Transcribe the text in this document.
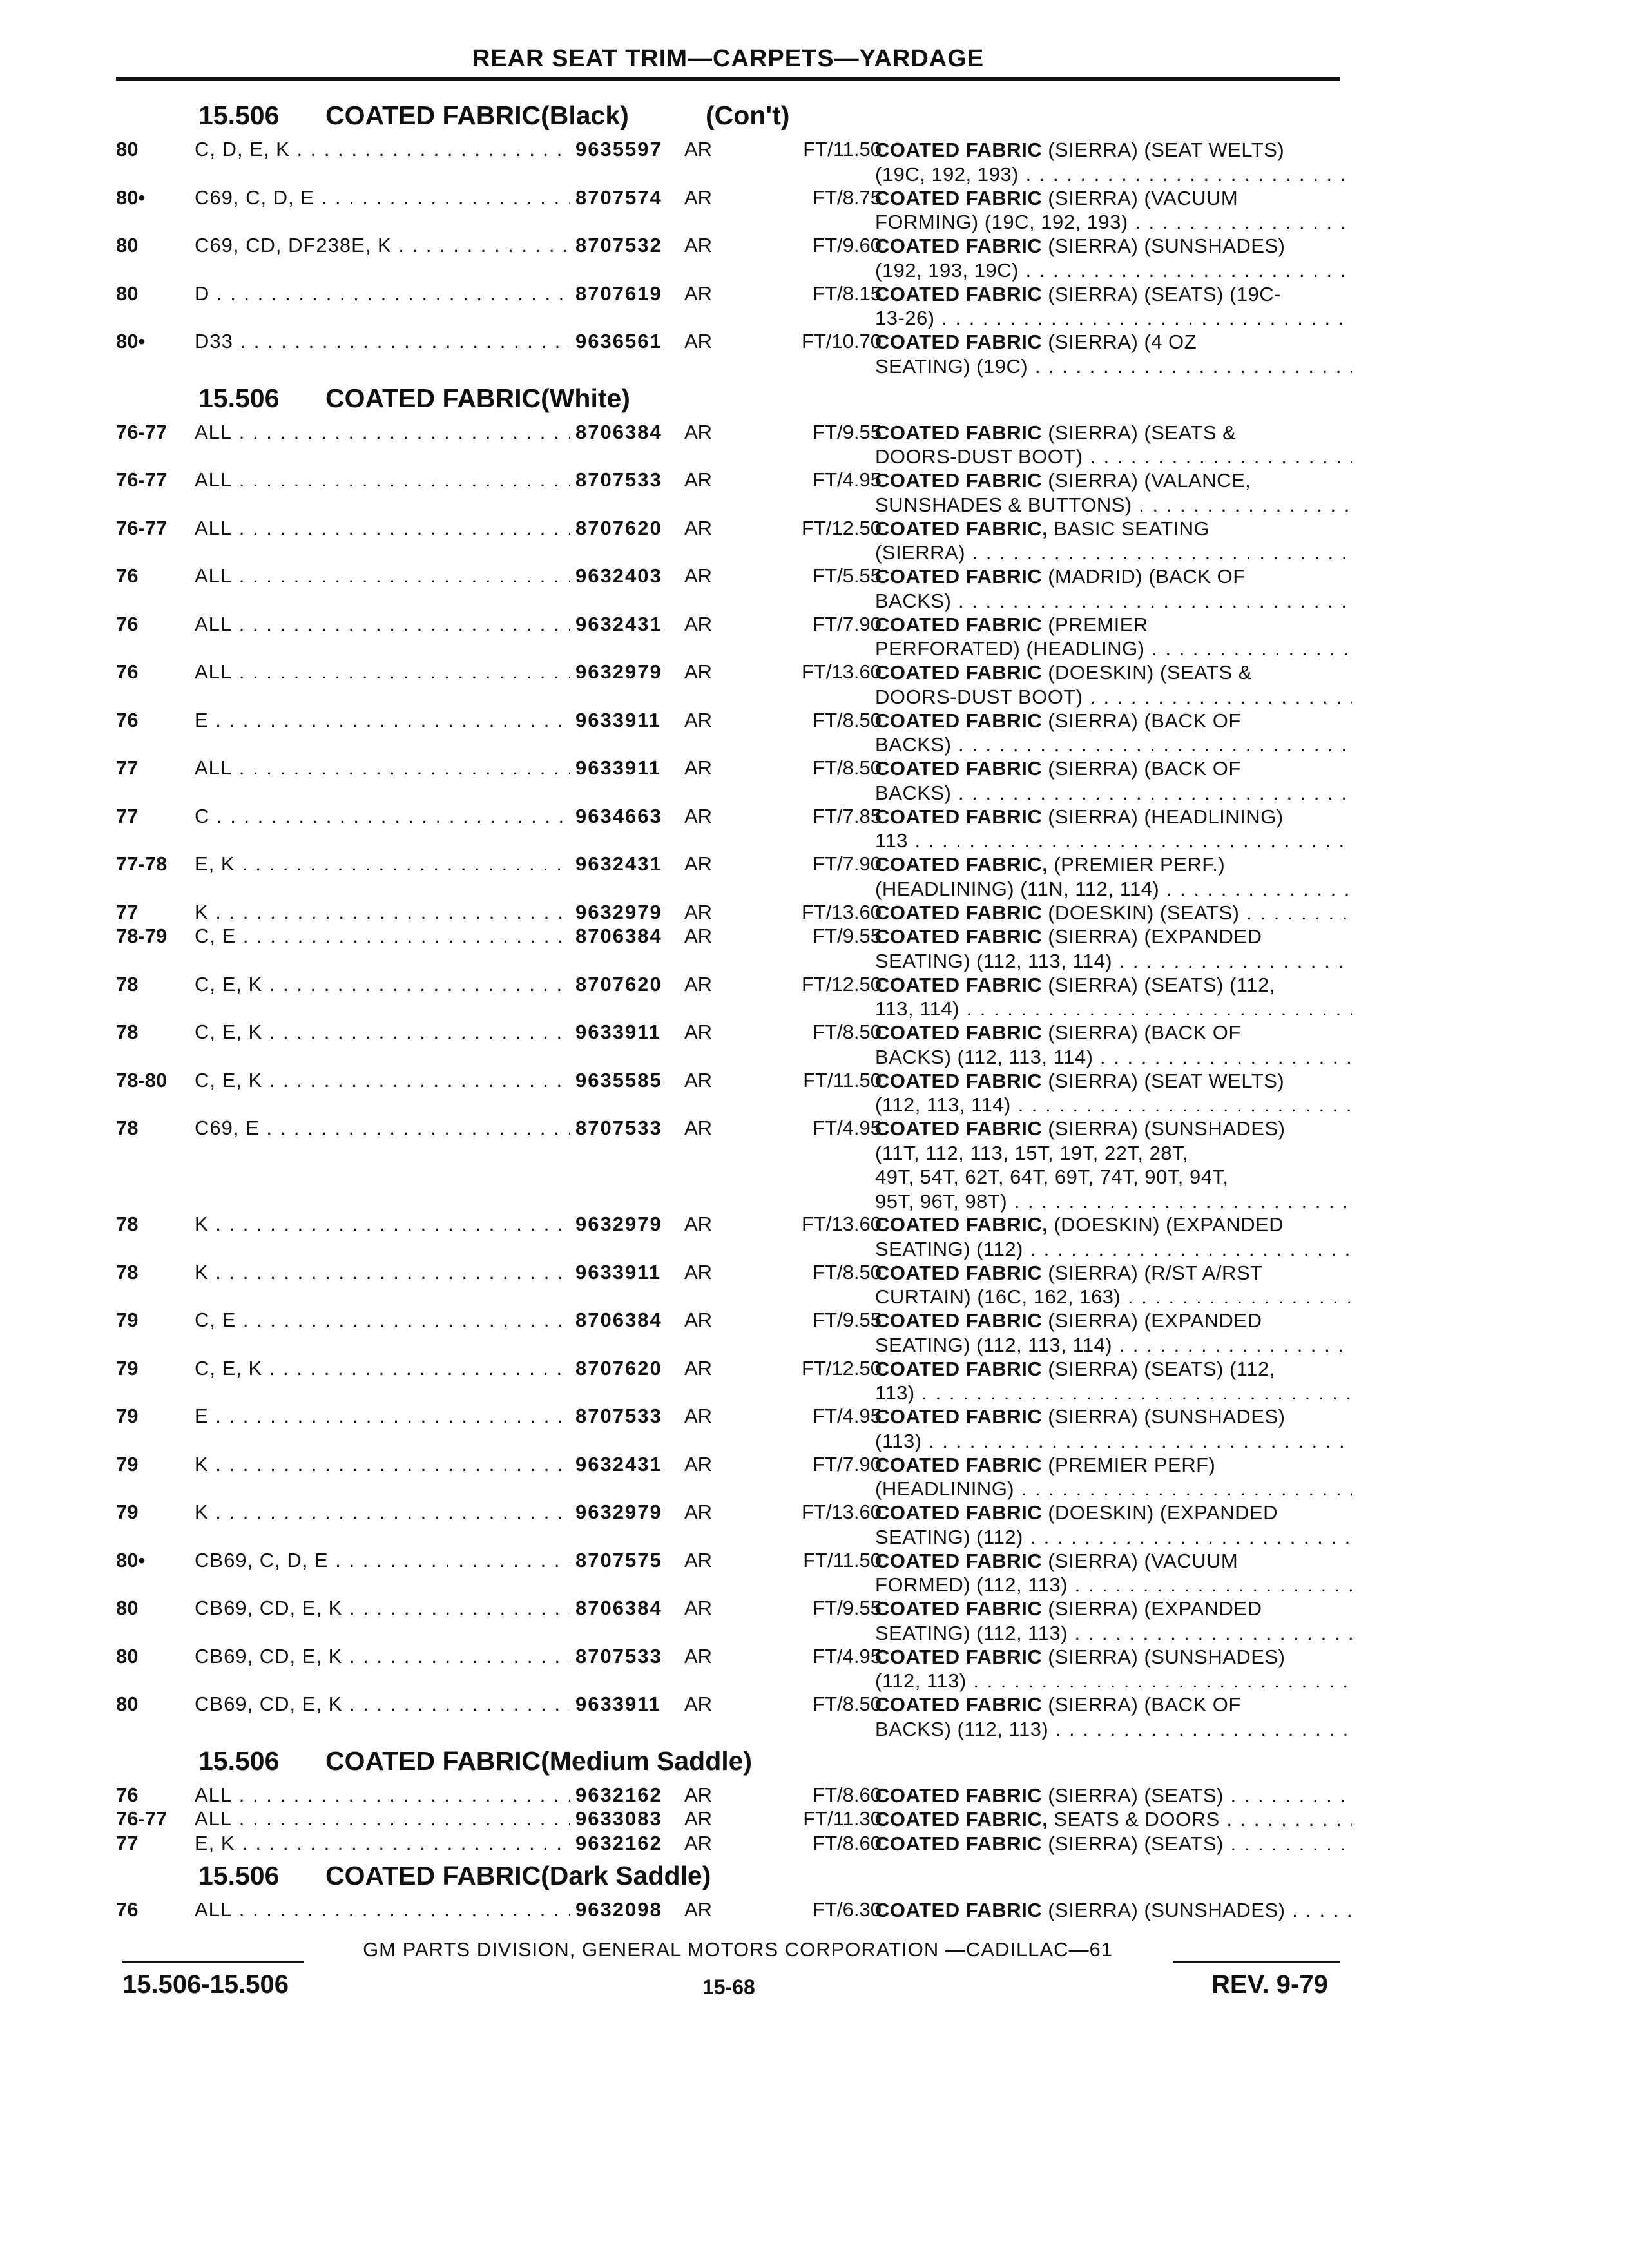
REAR SEAT TRIM—CARPETS—YARDAGE
15.506 COATED FABRIC(Black)	(Con't)
80	C, D, E, K . . .	9635597 AR	FT/11.50
COATED FABRIC (SIERRA) (SEAT WELTS)
(19C, 192, 193) . . .
80• C69, C, D, E . . .	8707574 AR	FT/8.75
COATED FABRIC (SIERRA) (VACUUM
FORMING) (19C, 192, 193) . . .
80	C69, CD, DF238E, K . . .	8707532 AR	FT/9.60
COATED FABRIC (SIERRA) (SUNSHADES)
(192, 193, 19C) . . .
80	D . . .	8707619 AR	FT/8.15
COATED FABRIC (SIERRA) (SEATS) (19C-
13-26) . . .
80• D33 . . .	9636561 AR	FT/10.70
COATED FABRIC (SIERRA) (4 OZ
SEATING) (19C) . . .
15.506 COATED FABRIC(White)
76-77 ALL . . .	8706384 AR	FT/9.55
COATED FABRIC (SIERRA) (SEATS &
DOORS-DUST BOOT) . . .
76-77 ALL . . .	8707533 AR	FT/4.95
COATED FABRIC (SIERRA) (VALANCE,
SUNSHADES & BUTTONS) . . .
76-77 ALL . . .	8707620 AR	FT/12.50
COATED FABRIC, BASIC SEATING
(SIERRA) . . .
76	ALL . . .	9632403 AR	FT/5.55
COATED FABRIC (MADRID) (BACK OF
BACKS) . . .
76	ALL . . .	9632431 AR	FT/7.90
COATED FABRIC (PREMIER
PERFORATED) (HEADLING) . . .
76	ALL . . .	9632979 AR	FT/13.60
COATED FABRIC (DOESKIN) (SEATS &
DOORS-DUST BOOT) . . .
76	E . . .	9633911 AR	FT/8.50
COATED FABRIC (SIERRA) (BACK OF
BACKS) . . .
77	ALL . . .	9633911 AR	FT/8.50
COATED FABRIC (SIERRA) (BACK OF
BACKS) . . .
77	C . . .	9634663 AR	FT/7.85
COATED FABRIC (SIERRA) (HEADLINING)
113 . . .
77-78 E, K . . .	9632431 AR	FT/7.90
COATED FABRIC, (PREMIER PERF.)
(HEADLINING) (11N, 112, 114) . . .
77	K . . .	9632979 AR	FT/13.60
COATED FABRIC (DOESKIN) (SEATS) . . .
78-79 C, E . . .	8706384 AR	FT/9.55
COATED FABRIC (SIERRA) (EXPANDED
SEATING) (112, 113, 114) . . .
78	C, E, K . . .	8707620 AR	FT/12.50
COATED FABRIC (SIERRA) (SEATS) (112,
113, 114) . . .
78	C, E, K . . .	9633911 AR	FT/8.50
COATED FABRIC (SIERRA) (BACK OF
BACKS) (112, 113, 114) . . .
78-80 C, E, K . . .	9635585 AR	FT/11.50
COATED FABRIC (SIERRA) (SEAT WELTS)
(112, 113, 114) . . .
78	C69, E . . .	8707533 AR	FT/4.95
COATED FABRIC (SIERRA) (SUNSHADES)
(11T, 112, 113, 15T, 19T, 22T, 28T,
49T, 54T, 62T, 64T, 69T, 74T, 90T, 94T,
95T, 96T, 98T) . . .
78	K . . .	9632979 AR	FT/13.60
COATED FABRIC, (DOESKIN) (EXPANDED
SEATING) (112) . . .
78	K . . .	9633911 AR	FT/8.50
COATED FABRIC (SIERRA) (R/ST A/RST
CURTAIN) (16C, 162, 163) . . .
79	C, E . . .	8706384 AR	FT/9.55
COATED FABRIC (SIERRA) (EXPANDED
SEATING) (112, 113, 114) . . .
79	C, E, K . . .	8707620 AR	FT/12.50
COATED FABRIC (SIERRA) (SEATS) (112,
113) . . .
79	E . . .	8707533 AR	FT/4.95
COATED FABRIC (SIERRA) (SUNSHADES)
(113) . . .
79	K . . .	9632431 AR	FT/7.90
COATED FABRIC (PREMIER PERF)
(HEADLINING) . . .
79	K . . .	9632979 AR	FT/13.60
COATED FABRIC (DOESKIN) (EXPANDED
SEATING) (112) . . .
80• CB69, C, D, E . . .	8707575 AR	FT/11.50
COATED FABRIC (SIERRA) (VACUUM
FORMED) (112, 113) . . .
80	CB69, CD, E, K . . .	8706384 AR	FT/9.55
COATED FABRIC (SIERRA) (EXPANDED
SEATING) (112, 113) . . .
80	CB69, CD, E, K . . .	8707533 AR	FT/4.95
COATED FABRIC (SIERRA) (SUNSHADES)
(112, 113) . . .
80	CB69, CD, E, K . . .	9633911 AR	FT/8.50
COATED FABRIC (SIERRA) (BACK OF
BACKS) (112, 113) . . .
15.506 COATED FABRIC(Medium Saddle)
76	ALL . . .	9632162 AR	FT/8.60
COATED FABRIC (SIERRA) (SEATS) . . .
76-77 ALL . . .	9633083 AR	FT/11.30
COATED FABRIC, SEATS & DOORS . . .
77	E, K . . .	9632162 AR	FT/8.60
COATED FABRIC (SIERRA) (SEATS) . . .
15.506 COATED FABRIC(Dark Saddle)
76	ALL . . .	9632098 AR	FT/6.30
COATED FABRIC (SIERRA) (SUNSHADES) . . .
GM PARTS DIVISION, GENERAL MOTORS CORPORATION —CADILLAC—61
15.506-15.506	15-68	REV. 9-79
